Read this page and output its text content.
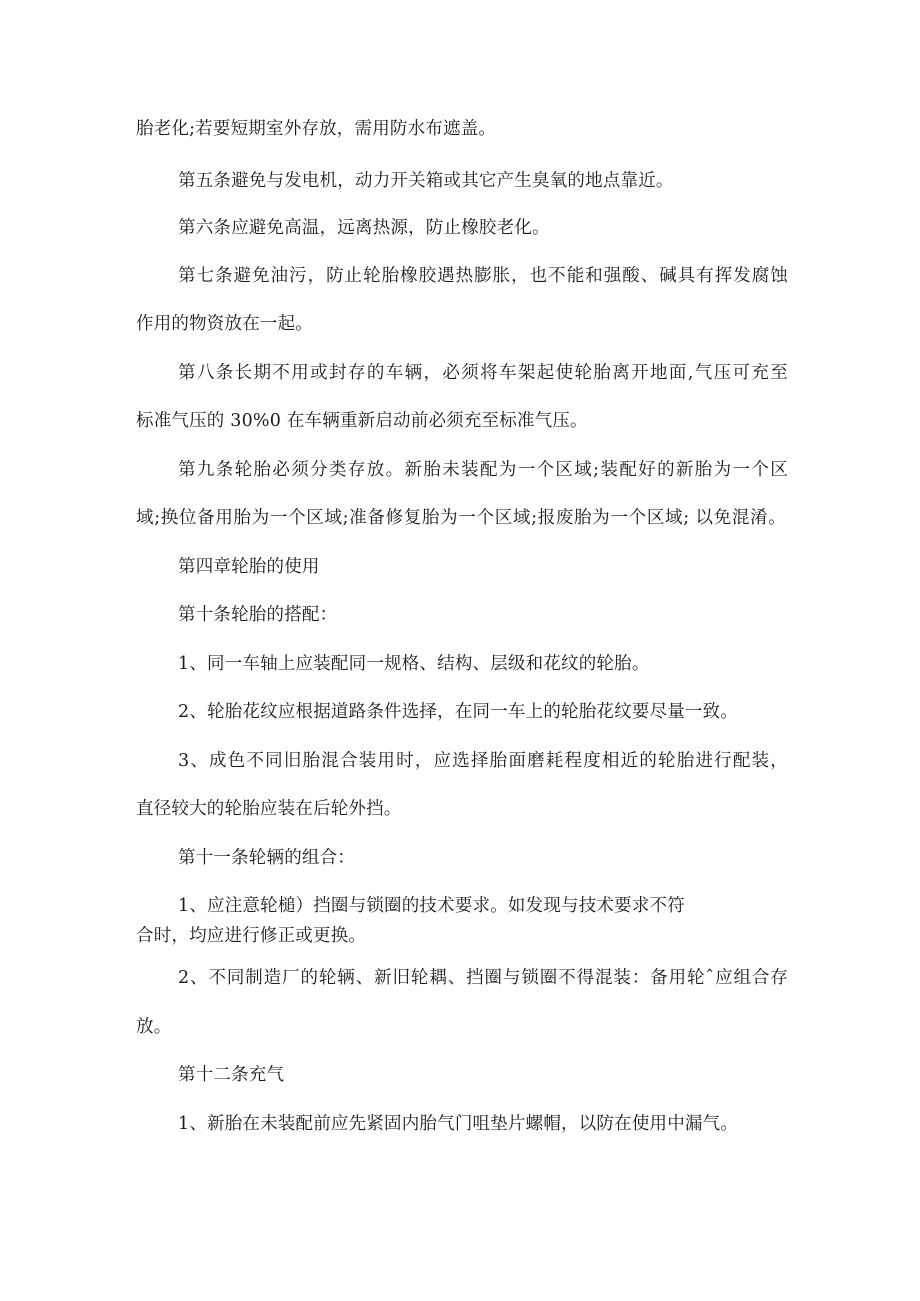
胎老化;若要短期室外存放，需用防水布遮盖。
第五条避免与发电机，动力开关箱或其它产生臭氧的地点靠近。
第六条应避免高温，远离热源，防止橡胶老化。
第七条避免油污，防止轮胎橡胶遇热膨胀，也不能和强酸、碱具有挥发腐蚀
作用的物资放在一起。
第八条长期不用或封存的车辆，必须将车架起使轮胎离开地面,气压可充至
标准气压的 30%0 在车辆重新启动前必须充至标准气压。
第九条轮胎必须分类存放。新胎未装配为一个区域;装配好的新胎为一个区
域;换位备用胎为一个区域;准备修复胎为一个区域;报废胎为一个区域; 以免混淆。
第四章轮胎的使用
第十条轮胎的搭配：
1、同一车轴上应装配同一规格、结构、层级和花纹的轮胎。
2、轮胎花纹应根据道路条件选择，在同一车上的轮胎花纹要尽量一致。
3、成色不同旧胎混合装用时，应选择胎面磨耗程度相近的轮胎进行配装，
直径较大的轮胎应装在后轮外挡。
第十一条轮辆的组合：
1、应注意轮槌）挡圈与锁圈的技术要求。如发现与技术要求不符
合时，均应进行修正或更换。
2、不同制造厂的轮辆、新旧轮耦、挡圈与锁圈不得混装：备用轮ˆ应组合存
放。
第十二条充气
1、新胎在未装配前应先紧固内胎气门咀垫片螺帽，以防在使用中漏气。
